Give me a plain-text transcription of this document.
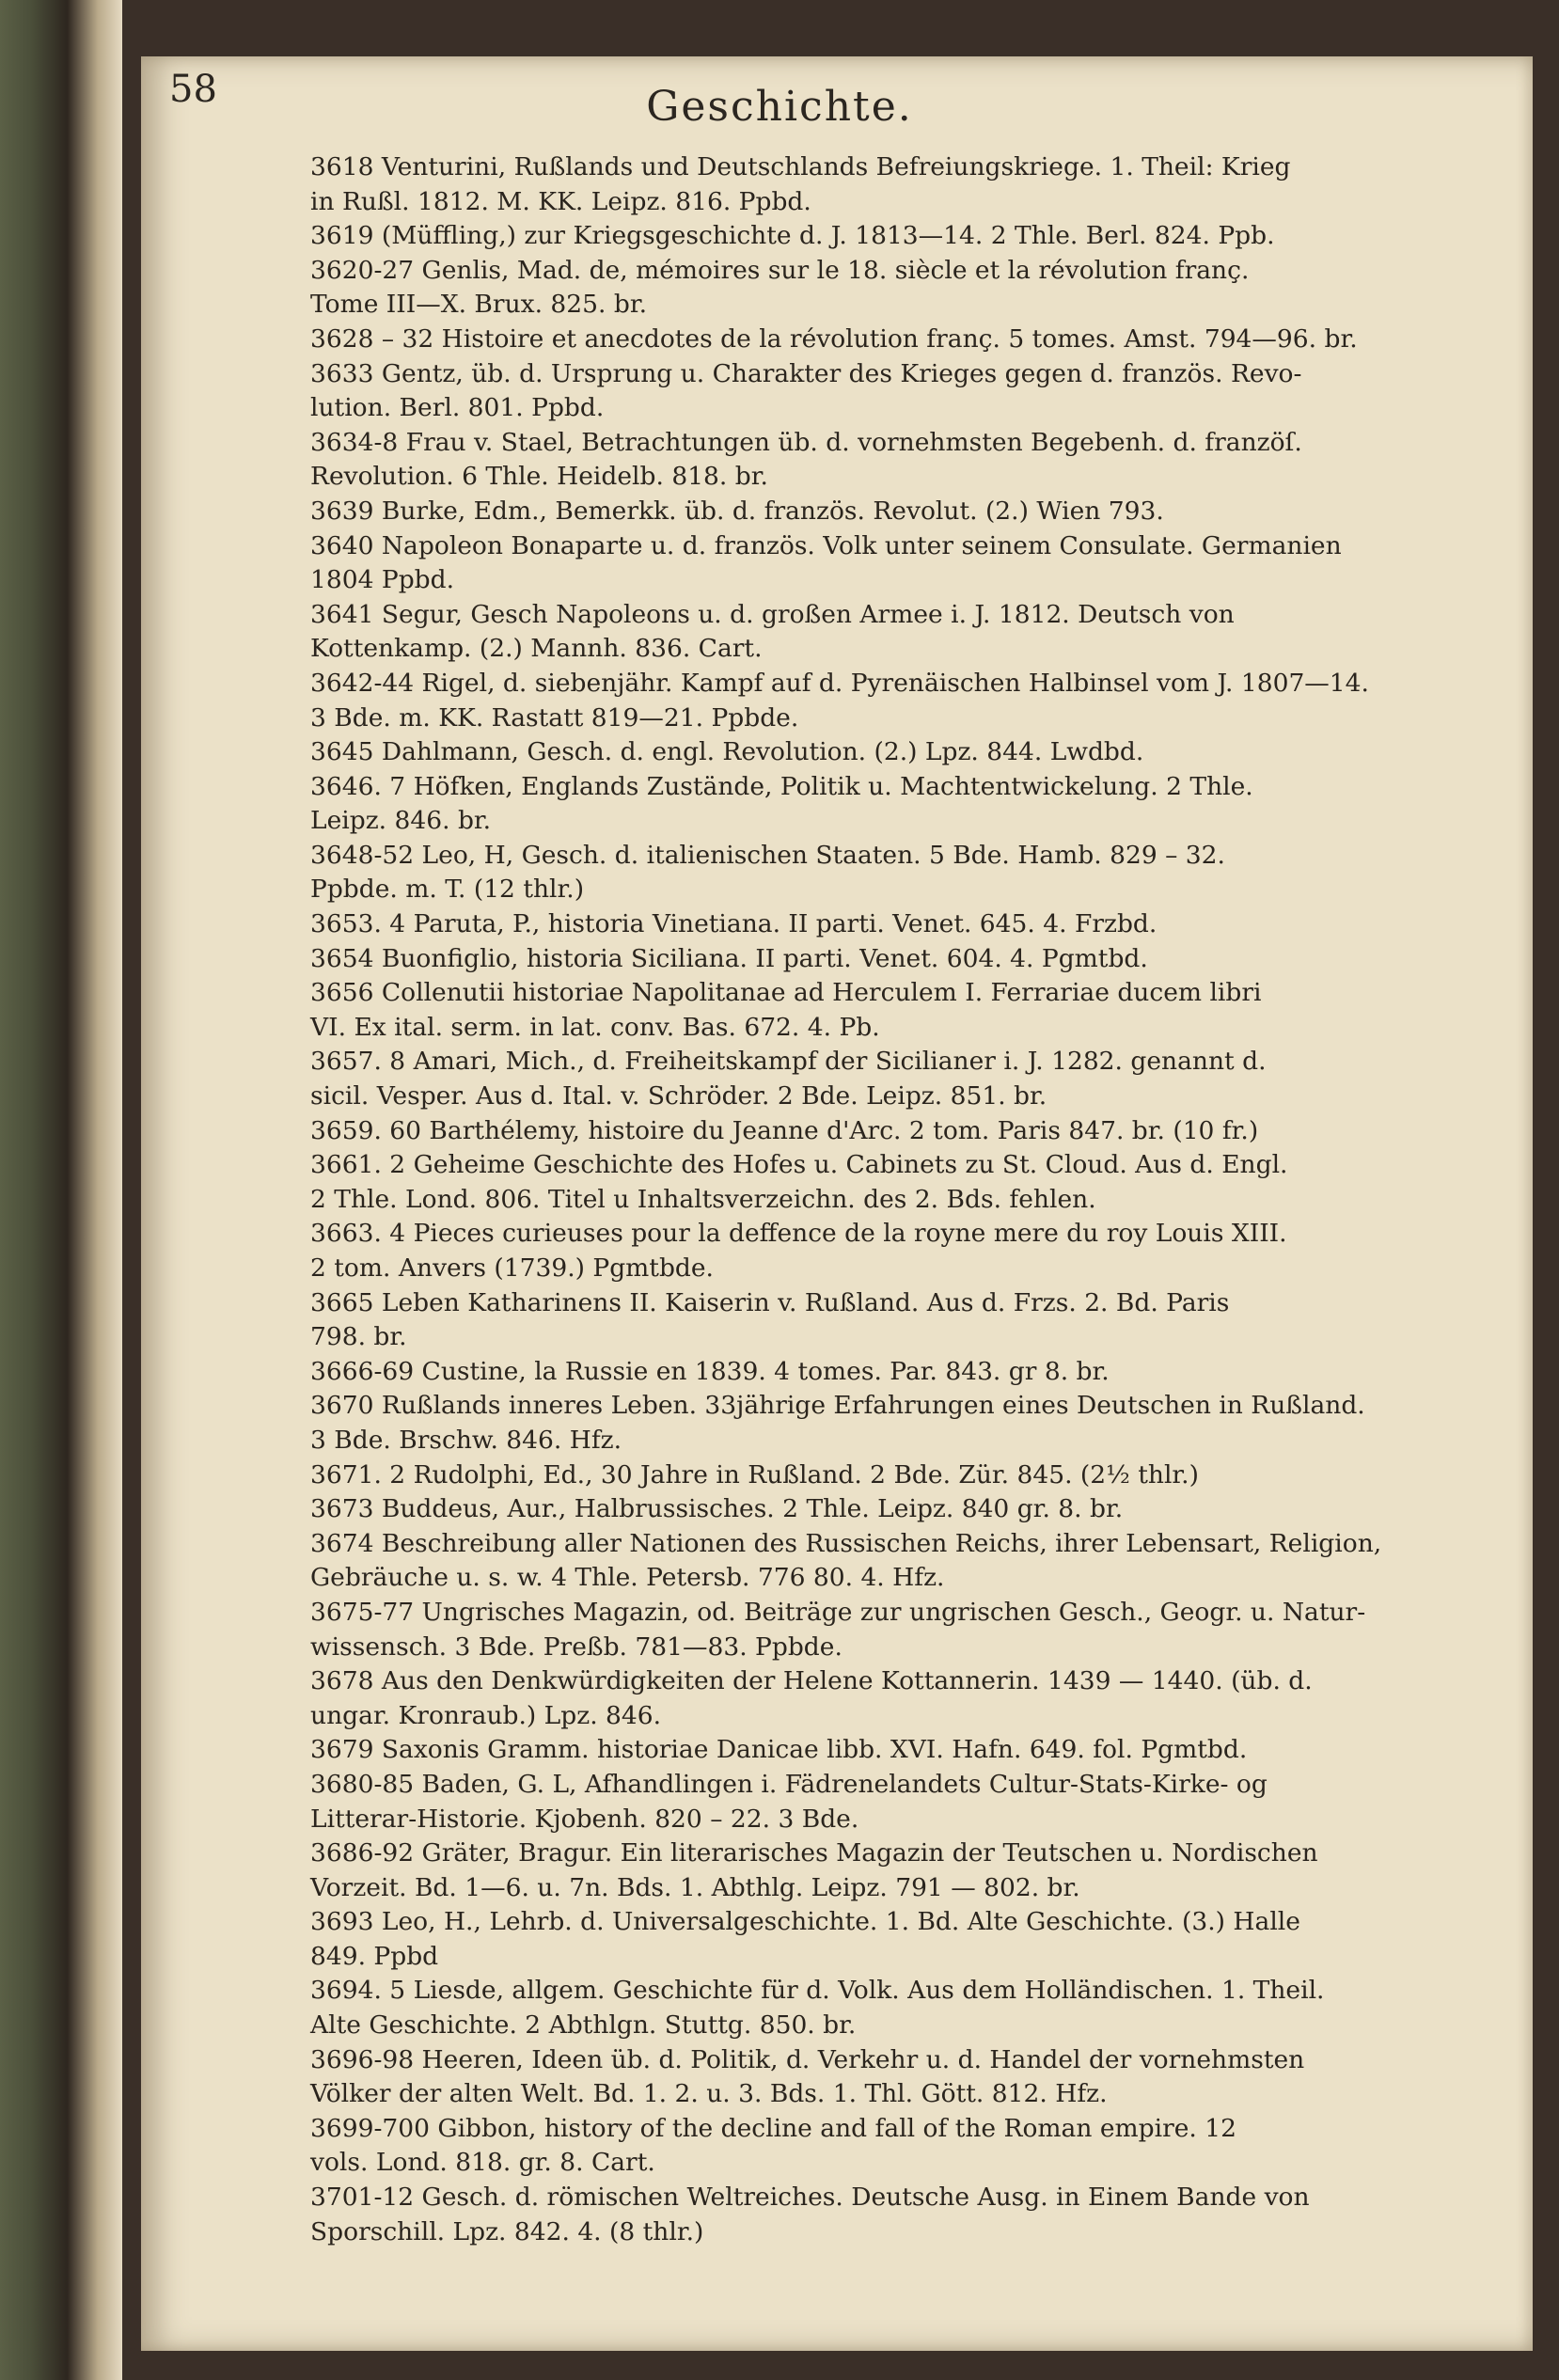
58	Geschichte.
3618 Venturini, Rußlands und Deutschlands Befreiungskriege. 1. Theil: Krieg
in Rußl. 1812. M. KK. Leipz. 816. Ppbd.
3619 (Müffling,) zur Kriegsgeschichte d. J. 1813—14. 2 Thle. Berl. 824. Ppb.
3620-27 Genlis, Mad. de, mémoires sur le 18. siècle et la révolution franç.
Tome III—X. Brux. 825. br.
3628 – 32 Histoire et anecdotes de la révolution franç. 5 tomes. Amst. 794—96. br.
3633 Gentz, üb. d. Ursprung u. Charakter des Krieges gegen d. französ. Revo-
lution. Berl. 801. Ppbd.
3634-8 Frau v. Stael, Betrachtungen üb. d. vornehmsten Begebenh. d. franzöſ.
Revolution. 6 Thle. Heidelb. 818. br.
3639 Burke, Edm., Bemerkk. üb. d. französ. Revolut. (2.) Wien 793.
3640 Napoleon Bonaparte u. d. französ. Volk unter seinem Consulate. Germanien
1804 Ppbd.
3641 Segur, Gesch Napoleons u. d. großen Armee i. J. 1812. Deutsch von
Kottenkamp. (2.) Mannh. 836. Cart.
3642-44 Rigel, d. siebenjähr. Kampf auf d. Pyrenäischen Halbinsel vom J. 1807—14.
3 Bde. m. KK. Rastatt 819—21. Ppbde.
3645 Dahlmann, Gesch. d. engl. Revolution. (2.) Lpz. 844. Lwdbd.
3646. 7 Höfken, Englands Zustände, Politik u. Machtentwickelung. 2 Thle.
Leipz. 846. br.
3648-52 Leo, H, Gesch. d. italienischen Staaten. 5 Bde. Hamb. 829 – 32.
Ppbde. m. T. (12 thlr.)
3653. 4 Paruta, P., historia Vinetiana. II parti. Venet. 645. 4. Frzbd.
3654 Buonfiglio, historia Siciliana. II parti. Venet. 604. 4. Pgmtbd.
3656 Collenutii historiae Napolitanae ad Herculem I. Ferrariae ducem libri
VI. Ex ital. serm. in lat. conv. Bas. 672. 4. Pb.
3657. 8 Amari, Mich., d. Freiheitskampf der Sicilianer i. J. 1282. genannt d.
sicil. Vesper. Aus d. Ital. v. Schröder. 2 Bde. Leipz. 851. br.
3659. 60 Barthélemy, histoire du Jeanne d'Arc. 2 tom. Paris 847. br. (10 fr.)
3661. 2 Geheime Geschichte des Hofes u. Cabinets zu St. Cloud. Aus d. Engl.
2 Thle. Lond. 806. Titel u Inhaltsverzeichn. des 2. Bds. fehlen.
3663. 4 Pieces curieuses pour la deffence de la royne mere du roy Louis XIII.
2 tom. Anvers (1739.) Pgmtbde.
3665 Leben Katharinens II. Kaiserin v. Rußland. Aus d. Frzs. 2. Bd. Paris
798. br.
3666-69 Custine, la Russie en 1839. 4 tomes. Par. 843. gr 8. br.
3670 Rußlands inneres Leben. 33jährige Erfahrungen eines Deutschen in Rußland.
3 Bde. Brschw. 846. Hfz.
3671. 2 Rudolphi, Ed., 30 Jahre in Rußland. 2 Bde. Zür. 845. (2½ thlr.)
3673 Buddeus, Aur., Halbrussisches. 2 Thle. Leipz. 840 gr. 8. br.
3674 Beschreibung aller Nationen des Russischen Reichs, ihrer Lebensart, Religion,
Gebräuche u. s. w. 4 Thle. Petersb. 776 80. 4. Hfz.
3675-77 Ungrisches Magazin, od. Beiträge zur ungrischen Gesch., Geogr. u. Natur-
wissensch. 3 Bde. Preßb. 781—83. Ppbde.
3678 Aus den Denkwürdigkeiten der Helene Kottannerin. 1439 — 1440. (üb. d.
ungar. Kronraub.) Lpz. 846.
3679 Saxonis Gramm. historiae Danicae libb. XVI. Hafn. 649. fol. Pgmtbd.
3680-85 Baden, G. L, Afhandlingen i. Fädrenelandets Cultur-Stats-Kirke- og
Litterar-Historie. Kjobenh. 820 – 22. 3 Bde.
3686-92 Gräter, Bragur. Ein literarisches Magazin der Teutschen u. Nordischen
Vorzeit. Bd. 1—6. u. 7n. Bds. 1. Abthlg. Leipz. 791 — 802. br.
3693 Leo, H., Lehrb. d. Universalgeschichte. 1. Bd. Alte Geschichte. (3.) Halle
849. Ppbd
3694. 5 Liesde, allgem. Geschichte für d. Volk. Aus dem Holländischen. 1. Theil.
Alte Geschichte. 2 Abthlgn. Stuttg. 850. br.
3696-98 Heeren, Ideen üb. d. Politik, d. Verkehr u. d. Handel der vornehmsten
Völker der alten Welt. Bd. 1. 2. u. 3. Bds. 1. Thl. Gött. 812. Hfz.
3699-700 Gibbon, history of the decline and fall of the Roman empire. 12
vols. Lond. 818. gr. 8. Cart.
3701-12 Gesch. d. römischen Weltreiches. Deutsche Ausg. in Einem Bande von
Sporschill. Lpz. 842. 4. (8 thlr.)
